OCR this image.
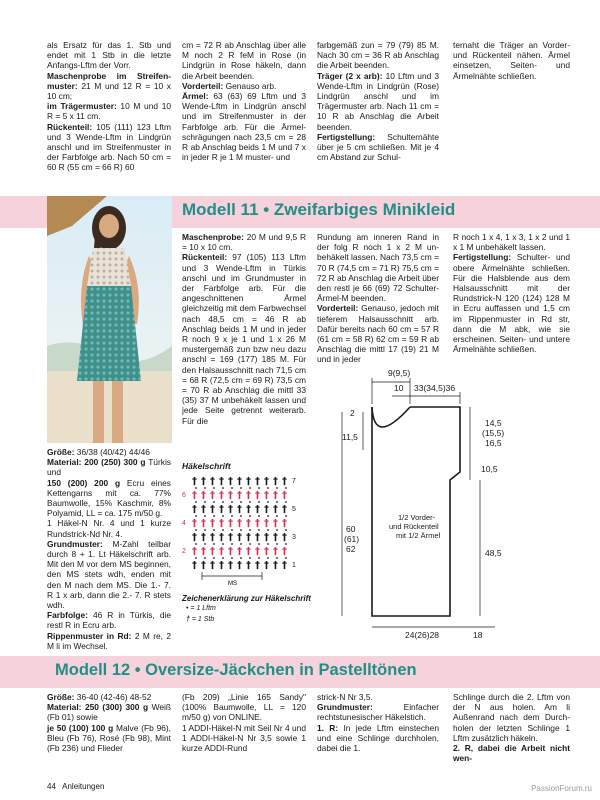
als Ersatz für das 1. Stb und endet mit 1 Stb in die letzte Anfangs-Lftm der Vorr.

Maschenprobe im Streifenmuster: 21 M und 12 R = 10 x 10 cm;

im Trägermuster: 10 M und 10 R = 5 x 11 cm.

Rückenteil: 105 (111) 123 Lftm und 3 Wende-Lftm in Lindgrün anschl und im Streifenmuster in der Farbfolge arb. Nach 50 cm = 60 R (55 cm = 66 R) 60

cm = 72 R ab Anschlag über alle M noch 2 R feM in Rose (in Lindgrün in Rose häkeln, dann die Arbeit beenden.

Vorderteil: Genauso arb.

Ärmel: 63 (63) 69 Lftm und 3 Wende-Lftm in Lindgrün anschl und im Streifenmuster in der Farbfolge arb. Für die Ärmelschrägungen nach 23,5 cm = 28 R ab Anschlag beids 1 M und 7 x in jeder R je 1 M muster- und

farbgemäß zun = 79 (79) 85 M. Nach 30 cm = 36 R ab Anschlag die Arbeit beenden.

Träger (2 x arb): 10 Lftm und 3 Wende-Lftm in Lindgrün (Rose) Lindgrün anschl und im Trägermuster arb. Nach 11 cm = 10 R ab Anschlag die Arbeit beenden.

Fertigstellung: Schulternähte über je 5 cm schließen. Mit je 4 cm Abstand zur Schul-

ternaht die Träger an Vorder- und Rückenteil nähen. Ärmel einsetzen, Seiten- und Ärmelnähte schließen.

Modell 11 • Zweifarbiges Minikleid

Größe: 36/38 (40/42) 44/46

Material: 200 (250) 300 g Türkis und

150 (200) 200 g Ecru eines Kettengarns mit ca. 77% Baumwolle, 15% Kaschmir, 8% Polyamid, LL = ca. 175 m/50 g.

1 Häkel-N Nr. 4 und 1 kurze Rundstrick-Nd Nr. 4.

Grundmuster: M-Zahl teilbar durch 8 + 1. Lt Häkelschrift arb. Mit den M vor dem MS beginnen, den MS stets wdh, enden mit den M nach dem MS. Die 1.- 7. R 1 x arb, dann die 2.- 7. R stets wdh.

Farbfolge: 46 R in Türkis, die restl R in Ecru arb.

Rippenmuster in Rd: 2 M re, 2 M li im Wechsel.

Maschenprobe: 20 M und 9,5 R = 10 x 10 cm.

Rückenteil: 97 (105) 113 Lftm und 3 Wende-Lftm in Türkis anschl und im Grundmuster in der Farbfolge arb. Für die angeschnittenen Ärmel gleichzeitig mit dem Farbwechsel nach 48,5 cm = 46 R ab Anschlag beids 1 M und in jeder R noch 9 x je 1 und 1 x 26 M mustergemäß zun bzw neu dazu anschl = 169 (177) 185 M. Für den Halsausschnitt nach 71,5 cm = 68 R (72,5 cm = 69 R) 73,5 cm = 70 R ab Anschlag die mittl 33 (35) 37 M unbehäkelt lassen und jede Seite getrennt weiterarb. Für die

Rundung am inneren Rand in der folg R noch 1 x 2 M unbehäkelt lassen. Nach 73,5 cm = 70 R (74,5 cm = 71 R) 75,5 cm = 72 R ab Anschlag die Arbeit über den restl je 66 (69) 72 Schulter-Ärmel-M beenden.

Vorderteil: Genauso, jedoch mit tieferem Halsausschnitt arb. Dafür bereits nach 60 cm = 57 R (61 cm = 58 R) 62 cm = 59 R ab Anschlag die mittl 17 (19) 21 M und in jeder

R noch 1 x 4, 1 x 3, 1 x 2 und 1 x 1 M unbehäkelt lassen.

Fertigstellung: Schulter- und obere Ärmelnähte schließen. Für die Halsblende aus dem Halsausschnitt mit der Rundstrick-N 120 (124) 128 M in Ecru auffassen und 1,5 cm im Rippenmuster in Rd str, dann die M abk, wie sie erscheinen. Seiten- und untere Ärmelnähte schließen.

Häkelschrift
7
† † † † † † † † † † †
6 † † † † † † † † † † †
5
† † † † † † † † † † †
4 † † † † † † † † † † †
3
† † † † † † † † † † †
2 † † † † † † † † † † †
1
† † † † † † † † † † †
MS
Zeichenerklärung zur Häkelschrift
• = 1 Lftm
† = 1 Stb
9(9,5)
10 33(34,5)36
2
11,5
14,5
(15,5)
16,5
10,5
48,5
60
(61)
62
1/2 Vorder-
und Rückenteil
mit 1/2 Ärmel
24(26)28	18
Modell 12 • Oversize-Jäckchen in Pastelltönen

Größe: 36-40 (42-46) 48-52

Material: 250 (300) 300 g Weiß (Fb 01) sowie

je 50 (100) 100 g Malve (Fb 96), Bleu (Fb 76), Rosé (Fb 98), Mint (Fb 236) und Flieder

(Fb 209) „Linie 165 Sandy" (100% Baumwolle, LL = 120 m/50 g) von ONLINE.

1 ADDI-Häkel-N mit Seil Nr 4 und 1 ADDI-Häkel-N Nr 3,5 sowie 1 kurze ADDI-Rund

strick-N Nr 3,5.

Grundmuster: Einfacher rechtstunesischer Häkelstich.

1. R: In jede Lftm einstechen und eine Schlinge durchholen, dabei die 1.

Schlinge durch die 2. Lftm von der N aus holen. Am li Außenrand nach dem Durchholen der letzten Schlinge 1 Lftm zusätzlich häkeln.

2. R, dabei die Arbeit nicht wen-

44 Anleitungen	PassionForum.ru
